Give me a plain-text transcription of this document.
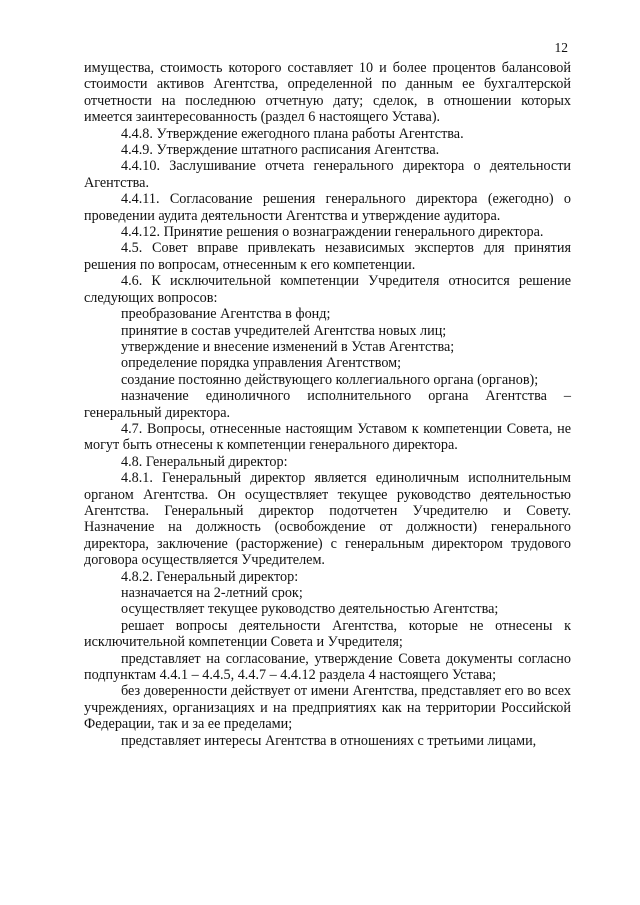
12

имущества, стоимость которого составляет 10 и более процентов балансовой стоимости активов Агентства, определенной по данным ее бухгалтерской отчетности на последнюю отчетную дату; сделок, в отношении которых имеется заинтересованность (раздел 6 настоящего Устава).

4.4.8. Утверждение ежегодного плана работы Агентства.

4.4.9. Утверждение штатного расписания Агентства.

4.4.10. Заслушивание отчета генерального директора о деятельности Агентства.

4.4.11. Согласование решения генерального директора (ежегодно) о проведении аудита деятельности Агентства и утверждение аудитора.

4.4.12. Принятие решения о вознаграждении генерального директора.

4.5. Совет вправе привлекать независимых экспертов для принятия решения по вопросам, отнесенным к его компетенции.

4.6. К исключительной компетенции Учредителя относится решение следующих вопросов:

преобразование Агентства в фонд;

принятие в состав учредителей Агентства новых лиц;

утверждение и внесение изменений в Устав Агентства;

определение порядка управления Агентством;

создание постоянно действующего коллегиального органа (органов);

назначение единоличного исполнительного органа Агентства – генеральный директора.

4.7. Вопросы, отнесенные настоящим Уставом к компетенции Совета, не могут быть отнесены к компетенции генерального директора.

4.8. Генеральный директор:

4.8.1. Генеральный директор является единоличным исполнительным органом Агентства. Он осуществляет текущее руководство деятельностью Агентства. Генеральный директор подотчетен Учредителю и Совету. Назначение на должность (освобождение от должности) генерального директора, заключение (расторжение) с генеральным директором трудового договора осуществляется Учредителем.

4.8.2. Генеральный директор:

назначается на 2-летний срок;

осуществляет текущее руководство деятельностью Агентства;

решает вопросы деятельности Агентства, которые не отнесены к исключительной компетенции Совета и Учредителя;

представляет на согласование, утверждение Совета документы согласно подпунктам 4.4.1 – 4.4.5, 4.4.7 – 4.4.12 раздела 4 настоящего Устава;

без доверенности действует от имени Агентства, представляет его во всех учреждениях, организациях и на предприятиях как на территории Российской Федерации, так и за ее пределами;

представляет интересы Агентства в отношениях с третьими лицами,
